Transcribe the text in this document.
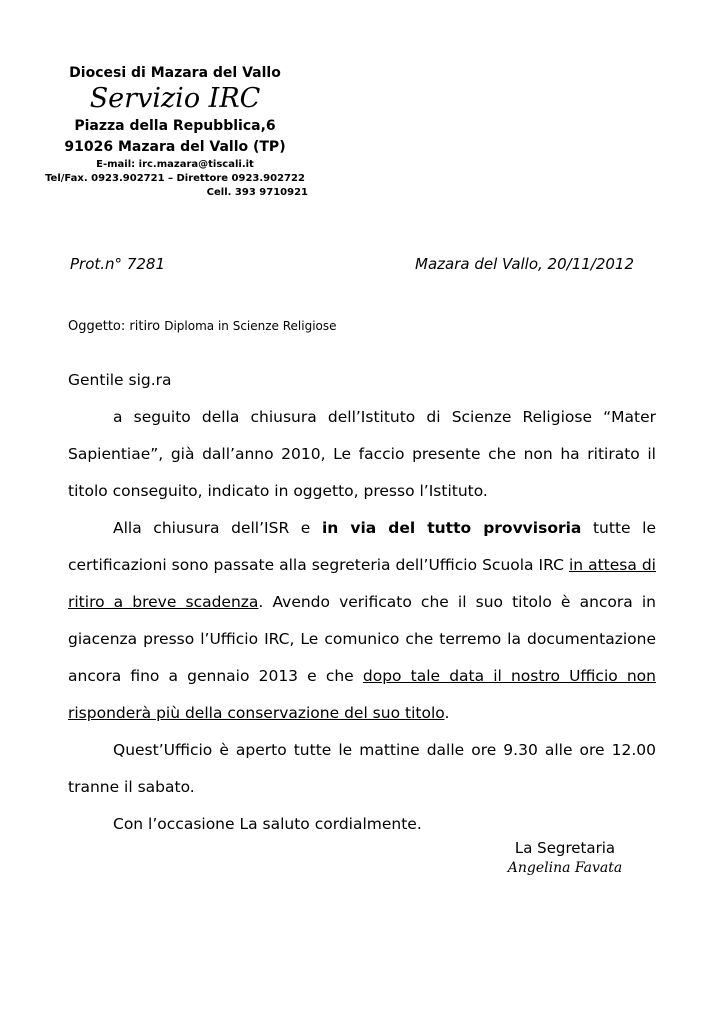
Diocesi di Mazara del Vallo
Servizio IRC
Piazza della Repubblica,6
91026 Mazara del Vallo (TP)
E-mail: irc.mazara@tiscali.it
Tel/Fax. 0923.902721 – Direttore 0923.902722
Cell. 393 9710921
Prot.n° 7281	Mazara del Vallo, 20/11/2012
Oggetto: ritiro Diploma in Scienze Religiose
Gentile sig.ra
a seguito della chiusura dell’Istituto di Scienze Religiose “Mater Sapientiae”, già dall’anno 2010, Le faccio presente che non ha ritirato il titolo conseguito, indicato in oggetto, presso l’Istituto.
Alla chiusura dell’ISR e in via del tutto provvisoria tutte le certificazioni sono passate alla segreteria dell’Ufficio Scuola IRC in attesa di ritiro a breve scadenza. Avendo verificato che il suo titolo è ancora in giacenza presso l’Ufficio IRC, Le comunico che terremo la documentazione ancora fino a gennaio 2013 e che dopo tale data il nostro Ufficio non risponderà più della conservazione del suo titolo.
Quest’Ufficio è aperto tutte le mattine dalle ore 9.30 alle ore 12.00 tranne il sabato.
Con l’occasione La saluto cordialmente.
La Segretaria
Angelina Favata
